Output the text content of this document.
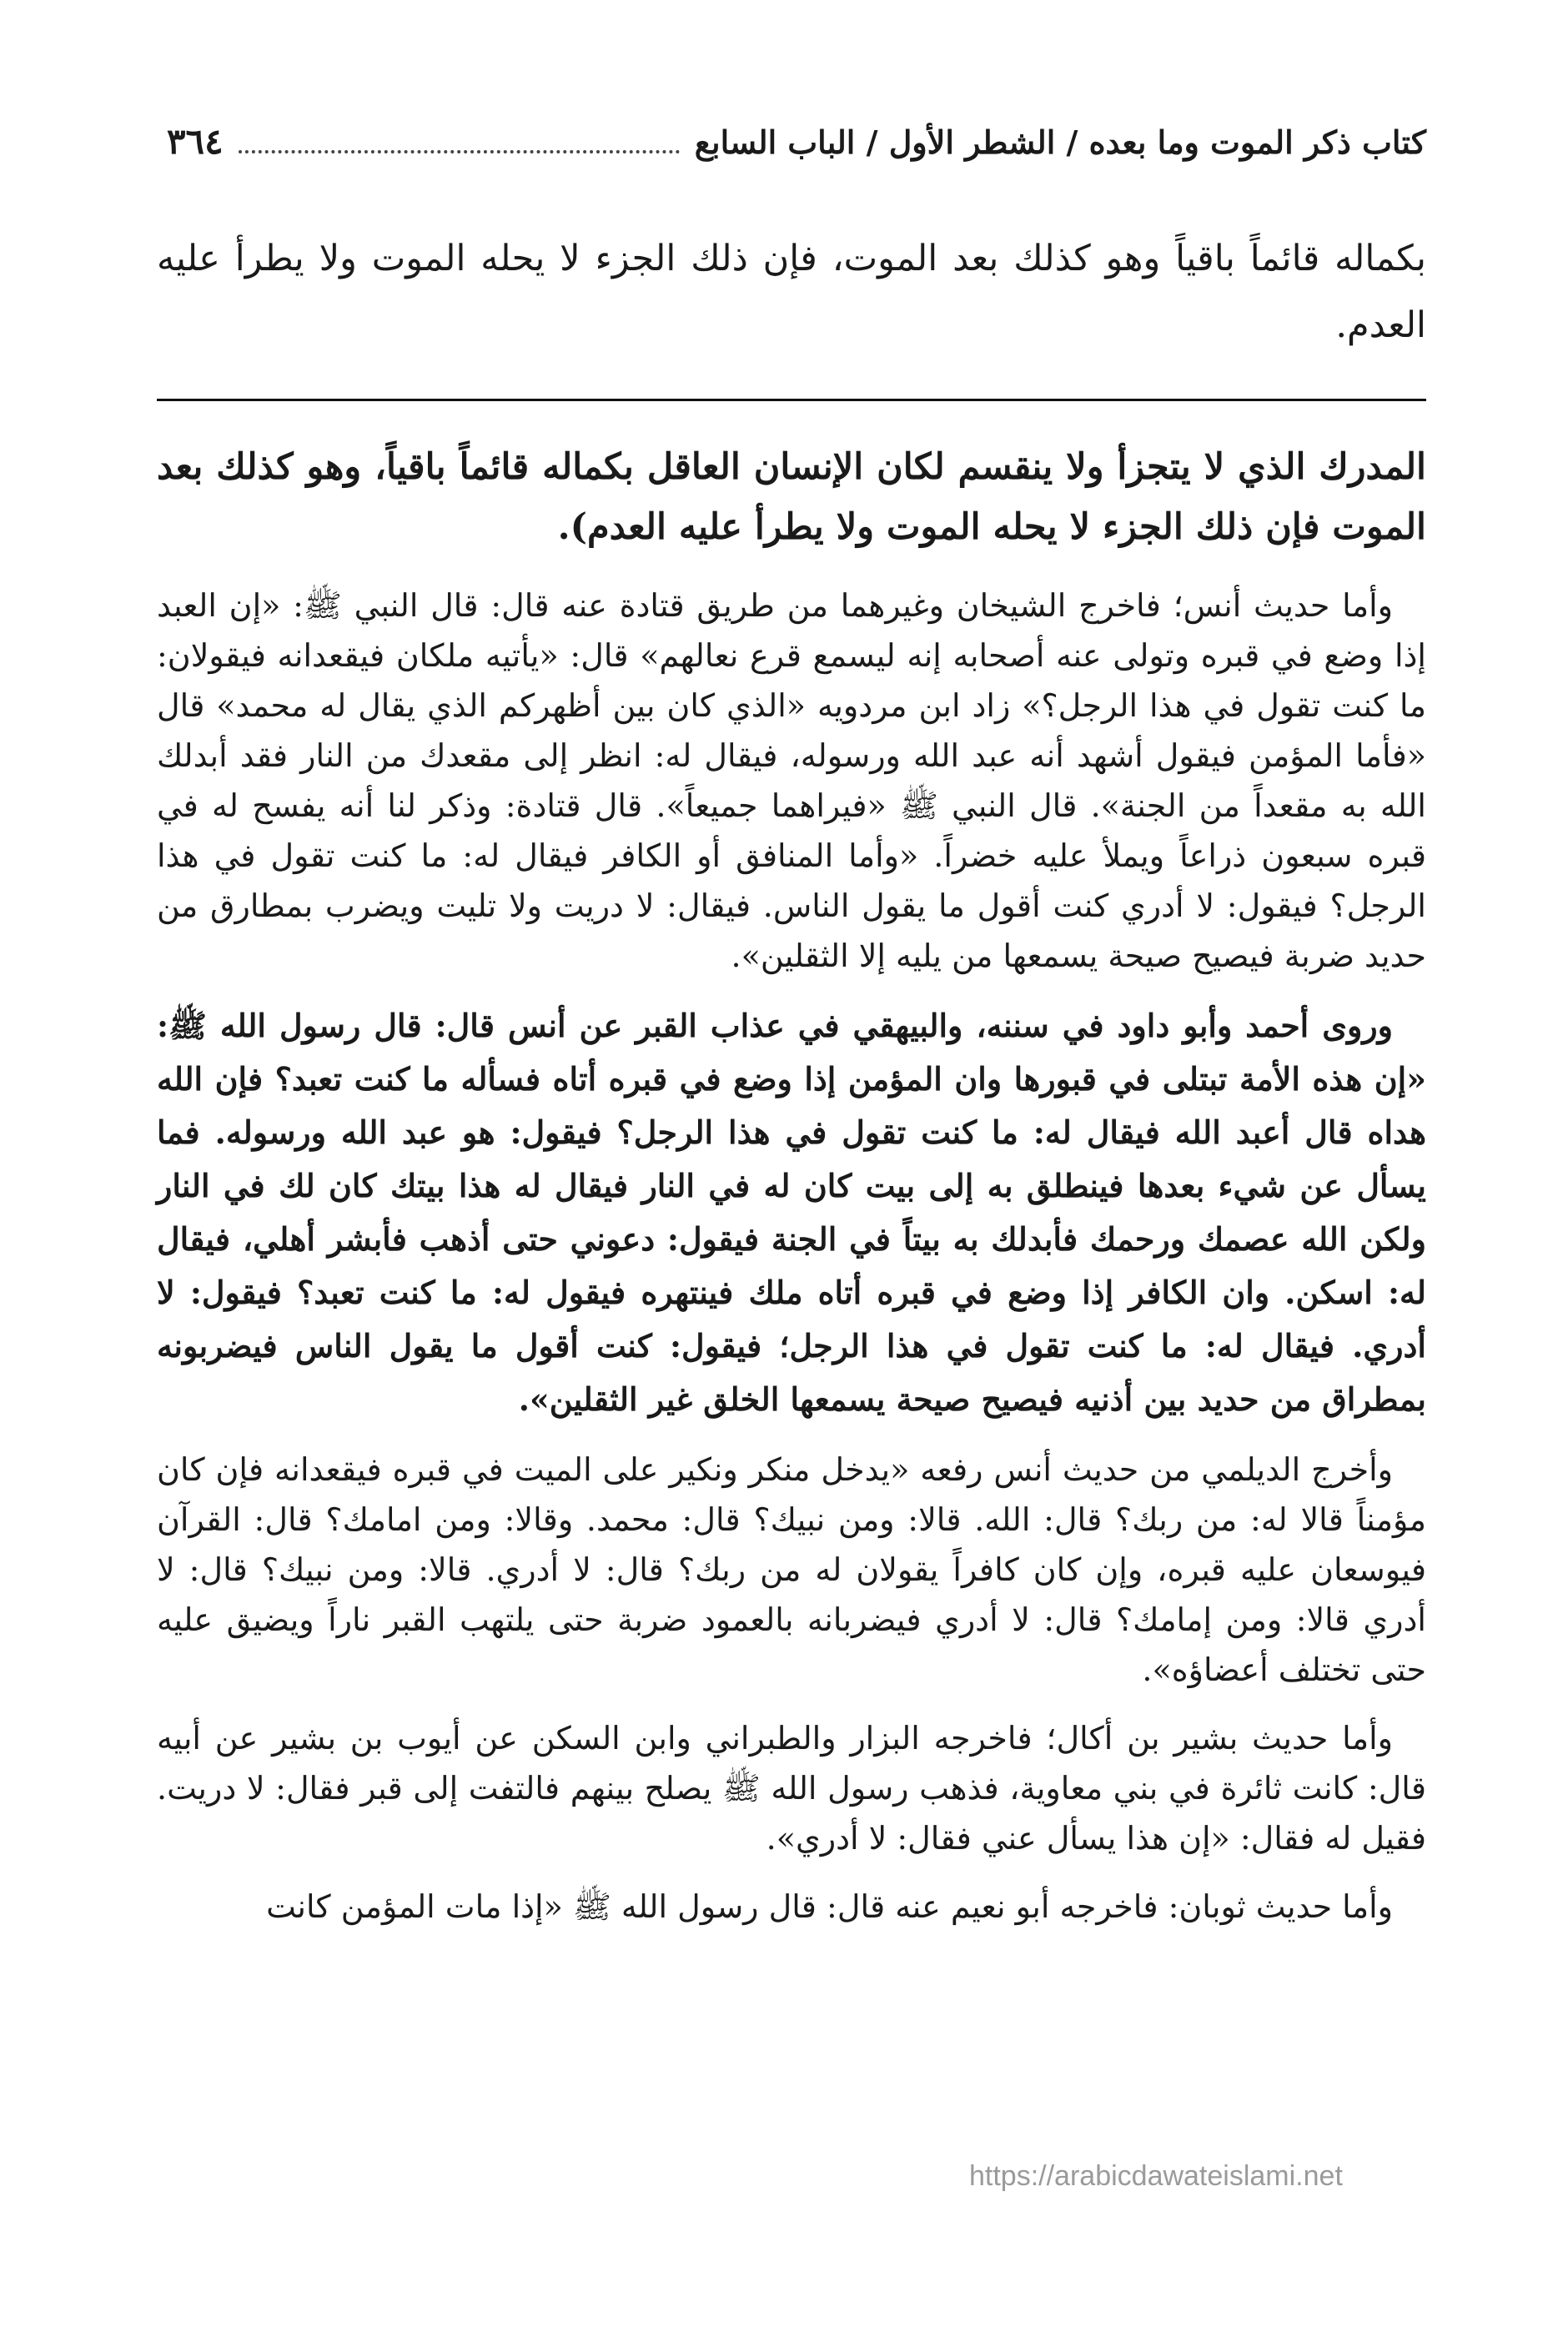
كتاب ذكر الموت وما بعده / الشطر الأول / الباب السابع
٣٦٤

بكماله قائماً باقياً وهو كذلك بعد الموت، فإن ذلك الجزء لا يحله الموت ولا يطرأ عليه العدم.

المدرك الذي لا يتجزأ ولا ينقسم لكان الإنسان العاقل بكماله قائماً باقياً، وهو كذلك بعد الموت فإن ذلك الجزء لا يحله الموت ولا يطرأ عليه العدم).

وأما حديث أنس؛ فاخرج الشيخان وغيرهما من طريق قتادة عنه قال: قال النبي ﷺ: «إن العبد إذا وضع في قبره وتولى عنه أصحابه إنه ليسمع قرع نعالهم» قال: «يأتيه ملكان فيقعدانه فيقولان: ما كنت تقول في هذا الرجل؟» زاد ابن مردويه «الذي كان بين أظهركم الذي يقال له محمد» قال «فأما المؤمن فيقول أشهد أنه عبد الله ورسوله، فيقال له: انظر إلى مقعدك من النار فقد أبدلك الله به مقعداً من الجنة». قال النبي ﷺ «فيراهما جميعاً». قال قتادة: وذكر لنا أنه يفسح له في قبره سبعون ذراعاً ويملأ عليه خضراً. «وأما المنافق أو الكافر فيقال له: ما كنت تقول في هذا الرجل؟ فيقول: لا أدري كنت أقول ما يقول الناس. فيقال: لا دريت ولا تليت ويضرب بمطارق من حديد ضربة فيصيح صيحة يسمعها من يليه إلا الثقلين».

وروى أحمد وأبو داود في سننه، والبيهقي في عذاب القبر عن أنس قال: قال رسول الله ﷺ: «إن هذه الأمة تبتلى في قبورها وان المؤمن إذا وضع في قبره أتاه فسأله ما كنت تعبد؟ فإن الله هداه قال أعبد الله فيقال له: ما كنت تقول في هذا الرجل؟ فيقول: هو عبد الله ورسوله. فما يسأل عن شيء بعدها فينطلق به إلى بيت كان له في النار فيقال له هذا بيتك كان لك في النار ولكن الله عصمك ورحمك فأبدلك به بيتاً في الجنة فيقول: دعوني حتى أذهب فأبشر أهلي، فيقال له: اسكن. وان الكافر إذا وضع في قبره أتاه ملك فينتهره فيقول له: ما كنت تعبد؟ فيقول: لا أدري. فيقال له: ما كنت تقول في هذا الرجل؛ فيقول: كنت أقول ما يقول الناس فيضربونه بمطراق من حديد بين أذنيه فيصيح صيحة يسمعها الخلق غير الثقلين».

وأخرج الديلمي من حديث أنس رفعه «يدخل منكر ونكير على الميت في قبره فيقعدانه فإن كان مؤمناً قالا له: من ربك؟ قال: الله. قالا: ومن نبيك؟ قال: محمد. وقالا: ومن امامك؟ قال: القرآن فيوسعان عليه قبره، وإن كان كافراً يقولان له من ربك؟ قال: لا أدري. قالا: ومن نبيك؟ قال: لا أدري قالا: ومن إمامك؟ قال: لا أدري فيضربانه بالعمود ضربة حتى يلتهب القبر ناراً ويضيق عليه حتى تختلف أعضاؤه».

وأما حديث بشير بن أكال؛ فاخرجه البزار والطبراني وابن السكن عن أيوب بن بشير عن أبيه قال: كانت ثائرة في بني معاوية، فذهب رسول الله ﷺ يصلح بينهم فالتفت إلى قبر فقال: لا دريت. فقيل له فقال: «إن هذا يسأل عني فقال: لا أدري».

وأما حديث ثوبان: فاخرجه أبو نعيم عنه قال: قال رسول الله ﷺ «إذا مات المؤمن كانت

https://arabicdawateislami.net
